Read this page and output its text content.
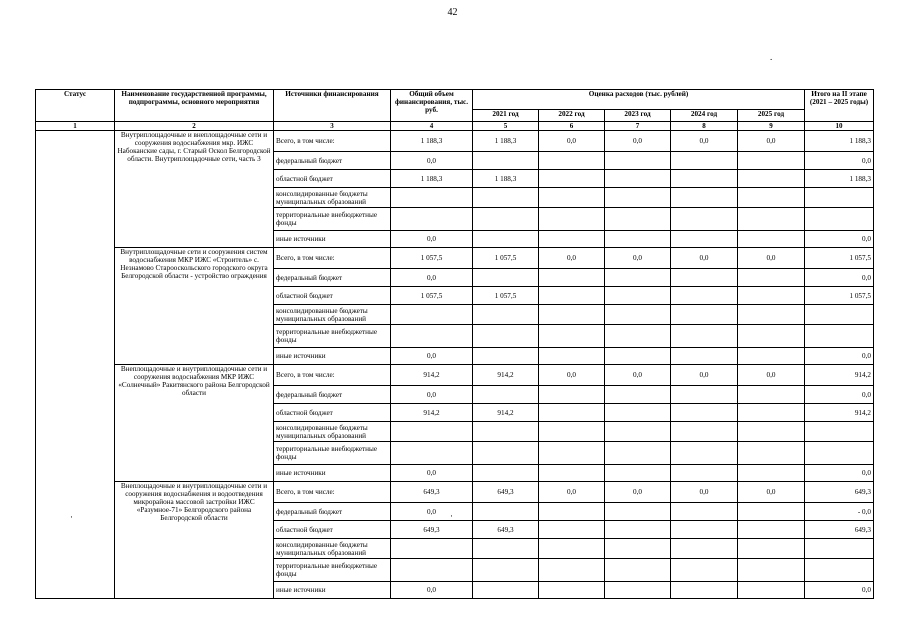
42
.
·	·
Статус	Наименование государственной программы, подпрограммы, основного мероприятия	Источники финансирования	Общий объем финансирования, тыс. руб.	Оценка расходов (тыс. рублей)					Итого на II этапе (2021 – 2025 годы)
				2021 год	2022 год	2023 год	2024 год	2025 год	
1	2	3	4	5	6	7	8	9	10
	Внутриплощадочные и внеплощадочные сети и сооружения водоснабжения мкр. ИЖС Набоканские сады, г. Старый Оскол Белгородской области. Внутриплощадочные сети, часть 3	Всего, в том числе:	1 188,3	1 188,3	0,0	0,0	0,0	0,0	1 188,3
		федеральный бюджет	0,0						0,0
		областной бюджет	1 188,3	1 188,3					1 188,3
		консолидированные бюджеты муниципальных образований							
		территориальные внебюджетные фонды							
		иные источники	0,0						0,0
	Внутриплощадочные сети и сооружения систем водоснабжения МКР ИЖС «Строитель» с. Незнамово Старооскольского городского округа Белгородской области - устройство ограждения	Всего, в том числе:	1 057,5	1 057,5	0,0	0,0	0,0	0,0	1 057,5
		федеральный бюджет	0,0						0,0
		областной бюджет	1 057,5	1 057,5					1 057,5
		консолидированные бюджеты муниципальных образований							
		территориальные внебюджетные фонды							
		иные источники	0,0						0,0
	Внеплощадочные и внутриплощадочные сети и сооружения водоснабжения МКР ИЖС «Солнечный» Ракитянского района Белгородской области	Всего, в том числе:	914,2	914,2	0,0	0,0	0,0	0,0	914,2
		федеральный бюджет	0,0						0,0
		областной бюджет	914,2	914,2					914,2
		консолидированные бюджеты муниципальных образований							
		территориальные внебюджетные фонды							
		иные источники	0,0						0,0
	Внеплощадочные и внутриплощадочные сети и сооружения водоснабжения и водоотведения микрорайона массовой застройки ИЖС «Разумное-71» Белгородского района Белгородской области	Всего, в том числе:	649,3	649,3	0,0	0,0	0,0	0,0	649,3
		федеральный бюджет	0,0						- 0,0
		областной бюджет	649,3	649,3					649,3
		консолидированные бюджеты муниципальных образований							
		территориальные внебюджетные фонды							
		иные источники	0,0						0,0
